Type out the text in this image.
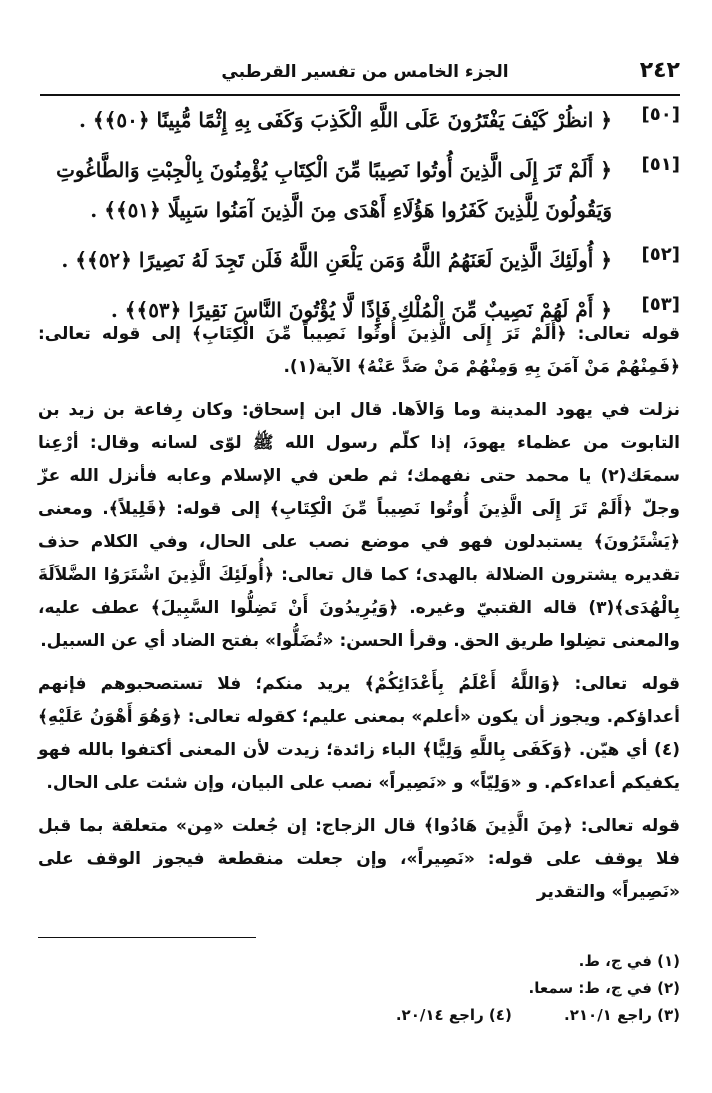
٢٤٢
الجزء الخامس من تفسير القرطبي
[٥٠]
﴿ انظُرْ كَيْفَ يَفْتَرُونَ عَلَى اللَّهِ الْكَذِبَ وَكَفَى بِهِ إِثْمًا مُّبِينًا ﴿٥٠﴾﴾ .
[٥١]
﴿ أَلَمْ تَرَ إِلَى الَّذِينَ أُوتُوا نَصِيبًا مِّنَ الْكِتَابِ يُؤْمِنُونَ بِالْجِبْتِ وَالطَّاغُوتِ وَيَقُولُونَ لِلَّذِينَ كَفَرُوا هَؤُلَاءِ أَهْدَى مِنَ الَّذِينَ آمَنُوا سَبِيلًا ﴿٥١﴾﴾ .
[٥٢]
﴿ أُولَئِكَ الَّذِينَ لَعَنَهُمُ اللَّهُ وَمَن يَلْعَنِ اللَّهُ فَلَن تَجِدَ لَهُ نَصِيرًا ﴿٥٢﴾﴾ .
[٥٣]
﴿ أَمْ لَهُمْ نَصِيبٌ مِّنَ الْمُلْكِ فَإِذًا لَّا يُؤْتُونَ النَّاسَ نَقِيرًا ﴿٥٣﴾﴾ .

قوله تعالى: ﴿أَلَمْ تَرَ إِلَى الَّذِينَ أُوتُوا نَصِيباً مِّنَ الْكِتَابِ﴾ إلى قوله تعالى: ﴿فَمِنْهُمْ مَنْ آمَنَ بِهِ وَمِنْهُمْ مَنْ صَدَّ عَنْهُ﴾ الآية(١).

نزلت في يهود المدينة وما وَالاَها. قال ابن إسحاق: وكان رِفاعة بن زيد بن التابوت من عظماء يهودَ، إذا كلّم رسول الله ﷺ لوّى لسانه وقال: أرْعِنا سمعَك(٢) يا محمد حتى نفهمك؛ ثم طعن في الإسلام وعابه فأنزل الله عزّ وجلّ ﴿أَلَمْ تَرَ إِلَى الَّذِينَ أُوتُوا نَصِيباً مِّنَ الْكِتَابِ﴾ إلى قوله: ﴿قَلِيلاً﴾. ومعنى ﴿يَشْتَرُونَ﴾ يستبدلون فهو في موضع نصب على الحال، وفي الكلام حذف تقديره يشترون الضلالة بالهدى؛ كما قال تعالى: ﴿أُولَئِكَ الَّذِينَ اشْتَرَوُا الضَّلاَلَةَ بِالْهُدَى﴾(٣) قاله القتبيّ وغيره. ﴿وَيُرِيدُونَ أَنْ تَضِلُّوا السَّبِيلَ﴾ عطف عليه، والمعنى تضِلوا طريق الحق. وقرأ الحسن: «تُضَلُّوا» بفتح الضاد أي عن السبيل.

قوله تعالى: ﴿وَاللَّهُ أَعْلَمُ بِأَعْدَائِكُمْ﴾ يريد منكم؛ فلا تستصحبوهم فإنهم أعداؤكم. ويجوز أن يكون «أعلم» بمعنى عليم؛ كقوله تعالى: ﴿وَهُوَ أَهْوَنُ عَلَيْهِ﴾(٤) أي هيّن. ﴿وَكَفَى بِاللَّهِ وَلِيًّا﴾ الباء زائدة؛ زيدت لأن المعنى أكتفوا بالله فهو يكفيكم أعداءكم. و «وَلِيّاً» و «نَصِيراً» نصب على البيان، وإن شئت على الحال.

قوله تعالى: ﴿مِنَ الَّذِينَ هَادُوا﴾ قال الزجاج: إن جُعلت «مِن» متعلقة بما قبل فلا يوقف على قوله: «نَصِيراً»، وإن جعلت منقطعة فيجوز الوقف على «نَصِيراً» والتقدير

(١) في ج، ط.
(٢) في ج، ط: سمعا.
(٣) راجع ٢١٠/١.          (٤) راجع ٢٠/١٤.
